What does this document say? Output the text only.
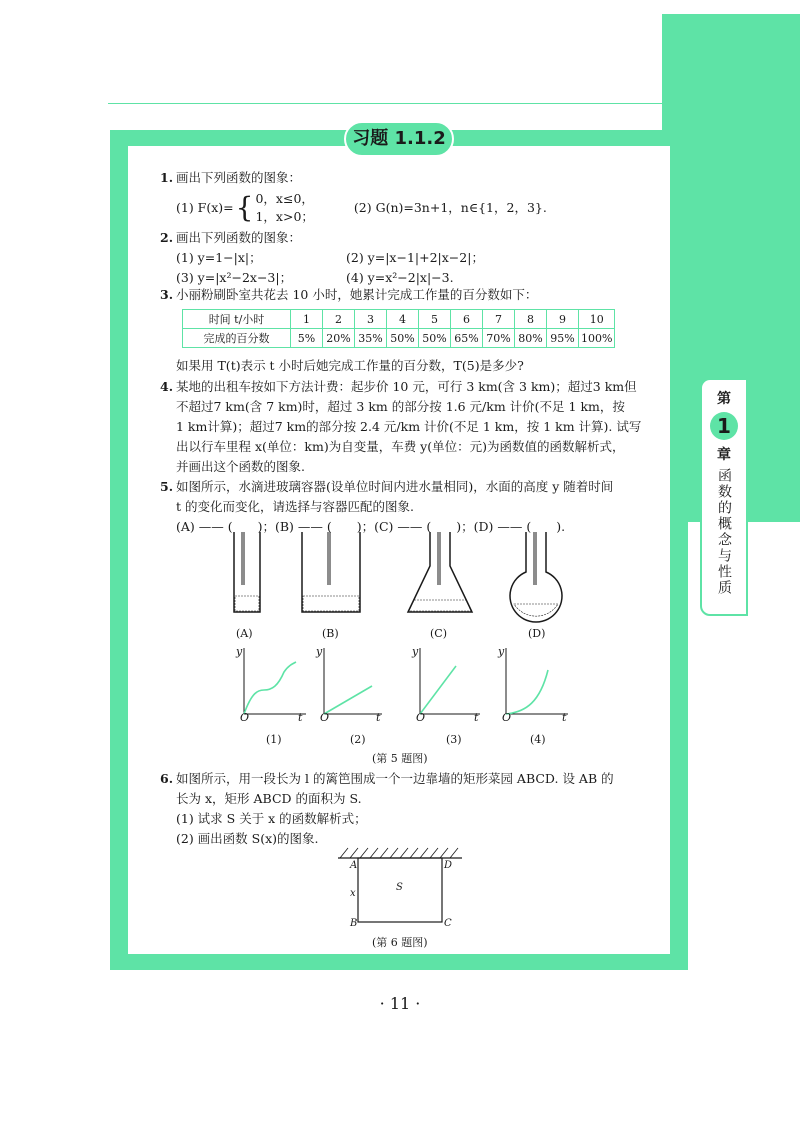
习题 1.1.2
第
1
章
函数的概念与性质
1. 画出下列函数的图象：
(1) F(x)= { 0，x≤0，
1，x>0；
(2) G(n)=3n+1，n∈{1，2，3}.
2. 画出下列函数的图象：
(1) y=1−|x|；	(2) y=|x−1|+2|x−2|；
(3) y=|x²−2x−3|；	(4) y=x²−2|x|−3.
3. 小丽粉刷卧室共花去 10 小时，她累计完成工作量的百分数如下：
时间 t/小时	1	2	3	4	5	6	7	8	9	10
完成的百分数	5%	20%	35%	50%	50%	65%	70%	80%	95%	100%
如果用 T(t)表示 t 小时后她完成工作量的百分数，T(5)是多少?
4. 某地的出租车按如下方法计费：起步价 10 元，可行 3 km(含 3 km)；超过3 km但
不超过7 km(含 7 km)时，超过 3 km 的部分按 1.6 元/km 计价(不足 1 km，按
1 km计算)；超过7 km的部分按 2.4 元/km 计价(不足 1 km，按 1 km 计算). 试写
出以行车里程 x(单位：km)为自变量，车费 y(单位：元)为函数值的函数解析式，
并画出这个函数的图象.
5. 如图所示，水滴进玻璃容器(设单位时间内进水量相同)，水面的高度 y 随着时间
t 的变化而变化，请选择与容器匹配的图象.
(A) —— (　　)；(B) —— (　　)；(C) —— (　　)；(D) —— (　　).
(A)	(B)	(C)	(D)
y
O	t
y
O	t
y
O	t
y
O	t
(1)	(2)	(3)	(4)
(第 5 题图)
6. 如图所示，用一段长为 l 的篱笆围成一个一边靠墙的矩形菜园 ABCD. 设 AB 的
长为 x，矩形 ABCD 的面积为 S.
(1) 试求 S 关于 x 的函数解析式；
(2) 画出函数 S(x)的图象.
A	D
B	C
S
x
(第 6 题图)
· 11 ·
